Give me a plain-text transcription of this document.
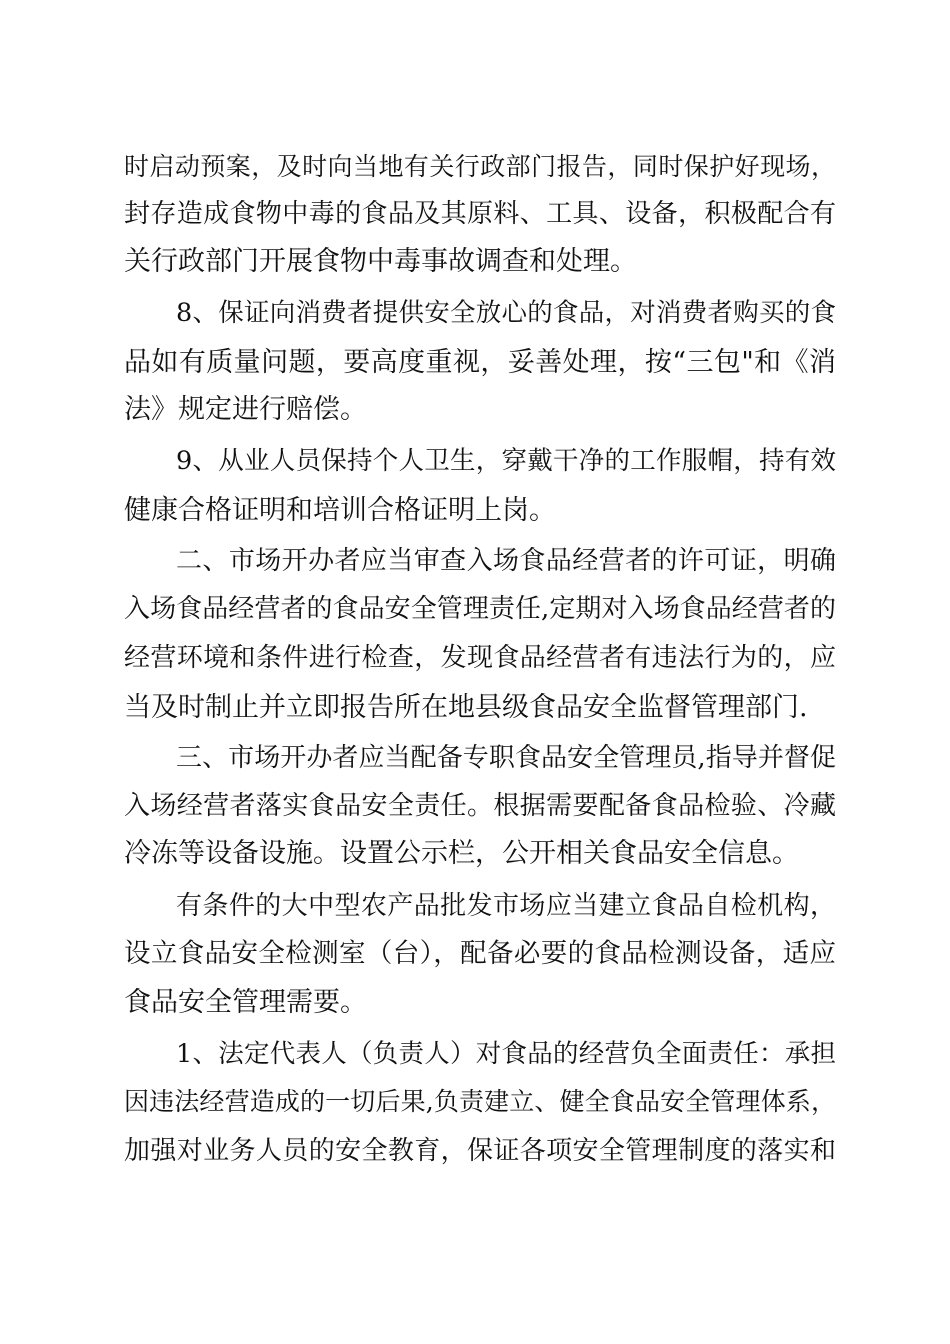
时启动预案，及时向当地有关行政部门报告，同时保护好现场，
封存造成食物中毒的食品及其原料、工具、设备，积极配合有
关行政部门开展食物中毒事故调查和处理。
8、保证向消费者提供安全放心的食品，对消费者购买的食
品如有质量问题，要高度重视，妥善处理，按“三包"和《消
法》规定进行赔偿。
9、从业人员保持个人卫生，穿戴干净的工作服帽，持有效
健康合格证明和培训合格证明上岗。
二、市场开办者应当审查入场食品经营者的许可证，明确
入场食品经营者的食品安全管理责任,定期对入场食品经营者的
经营环境和条件进行检查，发现食品经营者有违法行为的，应
当及时制止并立即报告所在地县级食品安全监督管理部门.
三、市场开办者应当配备专职食品安全管理员,指导并督促
入场经营者落实食品安全责任。根据需要配备食品检验、冷藏
冷冻等设备设施。设置公示栏，公开相关食品安全信息。
有条件的大中型农产品批发市场应当建立食品自检机构，
设立食品安全检测室（台），配备必要的食品检测设备，适应
食品安全管理需要。
1、法定代表人（负责人）对食品的经营负全面责任：承担
因违法经营造成的一切后果,负责建立、健全食品安全管理体系，
加强对业务人员的安全教育，保证各项安全管理制度的落实和
